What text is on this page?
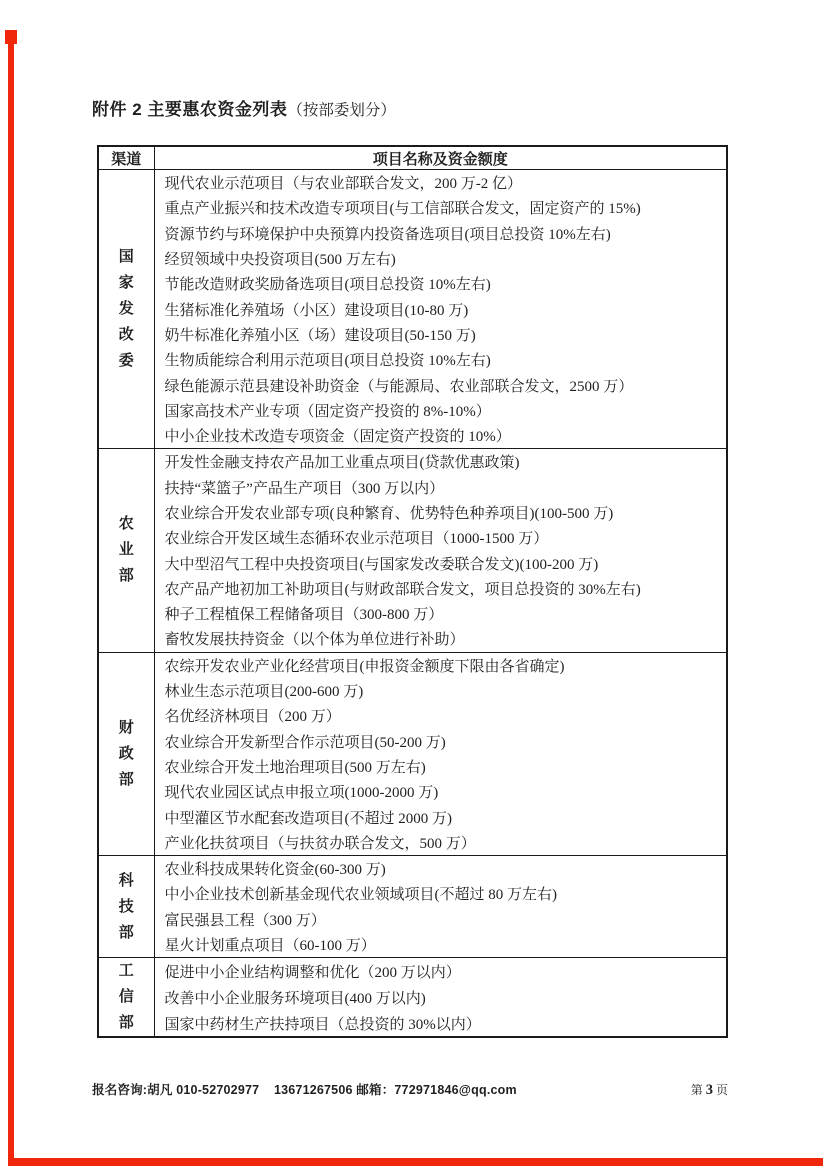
附件 2 主要惠农资金列表（按部委划分）
渠道	项目名称及资金额度

国
家
发
改
委	现代农业示范项目（与农业部联合发文，200 万-2 亿）
	重点产业振兴和技术改造专项项目(与工信部联合发文，固定资产的 15%)
	资源节约与环境保护中央预算内投资备选项目(项目总投资 10%左右)
	经贸领域中央投资项目(500 万左右)
	节能改造财政奖励备选项目(项目总投资 10%左右)
	生猪标准化养殖场（小区）建设项目(10-80 万)
	奶牛标准化养殖小区（场）建设项目(50-150 万)
	生物质能综合利用示范项目(项目总投资 10%左右)
	绿色能源示范县建设补助资金（与能源局、农业部联合发文，2500 万）
	国家高技术产业专项（固定资产投资的 8%-10%）
	中小企业技术改造专项资金（固定资产投资的 10%）

农
业
部	开发性金融支持农产品加工业重点项目(贷款优惠政策)
	扶持“菜篮子”产品生产项目（300 万以内）
	农业综合开发农业部专项(良种繁育、优势特色种养项目)(100-500 万)
	农业综合开发区域生态循环农业示范项目（1000-1500 万）
	大中型沼气工程中央投资项目(与国家发改委联合发文)(100-200 万)
	农产品产地初加工补助项目(与财政部联合发文，项目总投资的 30%左右)
	种子工程植保工程储备项目（300-800 万）
	畜牧发展扶持资金（以个体为单位进行补助）

财
政
部	农综开发农业产业化经营项目(申报资金额度下限由各省确定)
	林业生态示范项目(200-600 万)
	名优经济林项目（200 万）
	农业综合开发新型合作示范项目(50-200 万)
	农业综合开发土地治理项目(500 万左右)
	现代农业园区试点申报立项(1000-2000 万)
	中型灌区节水配套改造项目(不超过 2000 万)
	产业化扶贫项目（与扶贫办联合发文，500 万）

科
技
部	农业科技成果转化资金(60-300 万)
	中小企业技术创新基金现代农业领域项目(不超过 80 万左右)
	富民强县工程（300 万）
	星火计划重点项目（60-100 万）

工
信
部	促进中小企业结构调整和优化（200 万以内）
	改善中小企业服务环境项目(400 万以内)
	国家中药材生产扶持项目（总投资的 30%以内）
报名咨询:胡凡 010-52702977    13671267506 邮箱：772971846@qq.com	第 3 页
